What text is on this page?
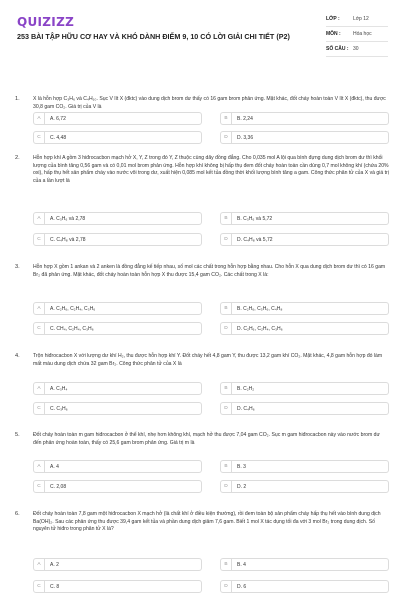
QUIZIZZ
253 BÀI TẬP HỮU CƠ HAY VÀ KHÓ DÀNH ĐIỂM 9, 10 CÓ LỜI GIẢI CHI TIẾT (P2)
LỚP :	Lớp 12
MÔN :	Hóa học
SỐ CÂU : 30
1.	X là hỗn hợp C₃H₆ và C₄H₁₀. Sục V lít X (đktc) vào dung dịch brom dư thấy có 16 gam brom phản ứng. Mặt khác, đốt cháy hoàn toàn V lít X (đktc), thu được 30,8 gam CO₂. Giá trị của V là
A	A. 6,72	B	B. 2,24
C	C. 4,48	D	D. 3,36
2.	Hỗn hợp khí A gồm 3 hiđrocacbon mạch hở X, Y, Z trong đó Y, Z thuộc cùng dãy đồng đẳng. Cho 0,035 mol A lội qua bình đựng dung dịch brom dư thì khối lượng của bình tăng 0,56 gam và có 0,01 mol brom phản ứng. Hỗn hợp khí không bị hấp thụ đem đốt cháy hoàn toàn cần dùng 0,7 mol không khí (chứa 20% oxi), hấp thụ hết sản phẩm cháy vào nước vôi trong dư, xuất hiện 0,085 mol kết tủa đồng thời khối lượng bình tăng a gam. Công thức phân tử của X và giá trị của a lần lượt là
A	A. C₃H₆ và 2,78	B	B. C₃H₆ và 5,72
C	C. C₄H₈ và 2,78	D	D. C₄H₈ và 5,72
3.	Hỗn hợp X gồm 1 ankan và 2 anken là đồng đẳng kế tiếp nhau, số mol các chất trong hỗn hợp bằng nhau. Cho hỗn X qua dung dịch brom dư thì có 16 gam Br₂ đã phản ứng. Mặt khác, đốt cháy hoàn toàn hỗn hợp X thu được 15,4 gam CO₂. Các chất trong X là:
A	A. C₂H₆, C₂H₄, C₃H₆	B	B. C₂H₆, C₃H₆, C₄H₈
C	C. CH₄, C₂H₄, C₃H₆	D	D. C₂H₆, C₂H₄, C₃H₆
4.	Trộn hiđrocacbon X với lượng dư khí H₂, thu được hỗn hợp khí Y. Đốt cháy hết 4,8 gam Y, thu được 13,2 gam khí CO₂. Mặt khác, 4,8 gam hỗn hợp đó làm mất màu dung dịch chứa 32 gam Br₂. Công thức phân tử của X là
A	A. C₃H₄	B	B. C₂H₂
C	C. C₃H₆	D	D. C₄H₆
5.	Đốt cháy hoàn toàn m gam hiđrocacbon ở thể khí, nhẹ hơn không khí, mạch hở thu được 7,04 gam CO₂. Sục m gam hiđrocacbon này vào nước brom dư đến phản ứng hoàn toàn, thấy có 25,6 gam brom phản ứng. Giá trị m là
A	A. 4	B	B. 3
C	C. 2,08	D	D. 2
6.	Đốt cháy hoàn toàn 7,8 gam một hiđrocacbon X mạch hở (là chất khí ở điều kiện thường), rồi đem toàn bộ sản phẩm cháy hấp thụ hết vào bình dung dịch Ba(OH)₂. Sau các phản ứng thu được 39,4 gam kết tủa và phần dung dịch giảm 7,6 gam. Biết 1 mol X tác dụng tối đa với 3 mol Br₂ trong dung dịch. Số nguyên tử hiđro trong phân tử X là?
A	A. 2	B	B. 4
C	C. 8	D	D. 6
